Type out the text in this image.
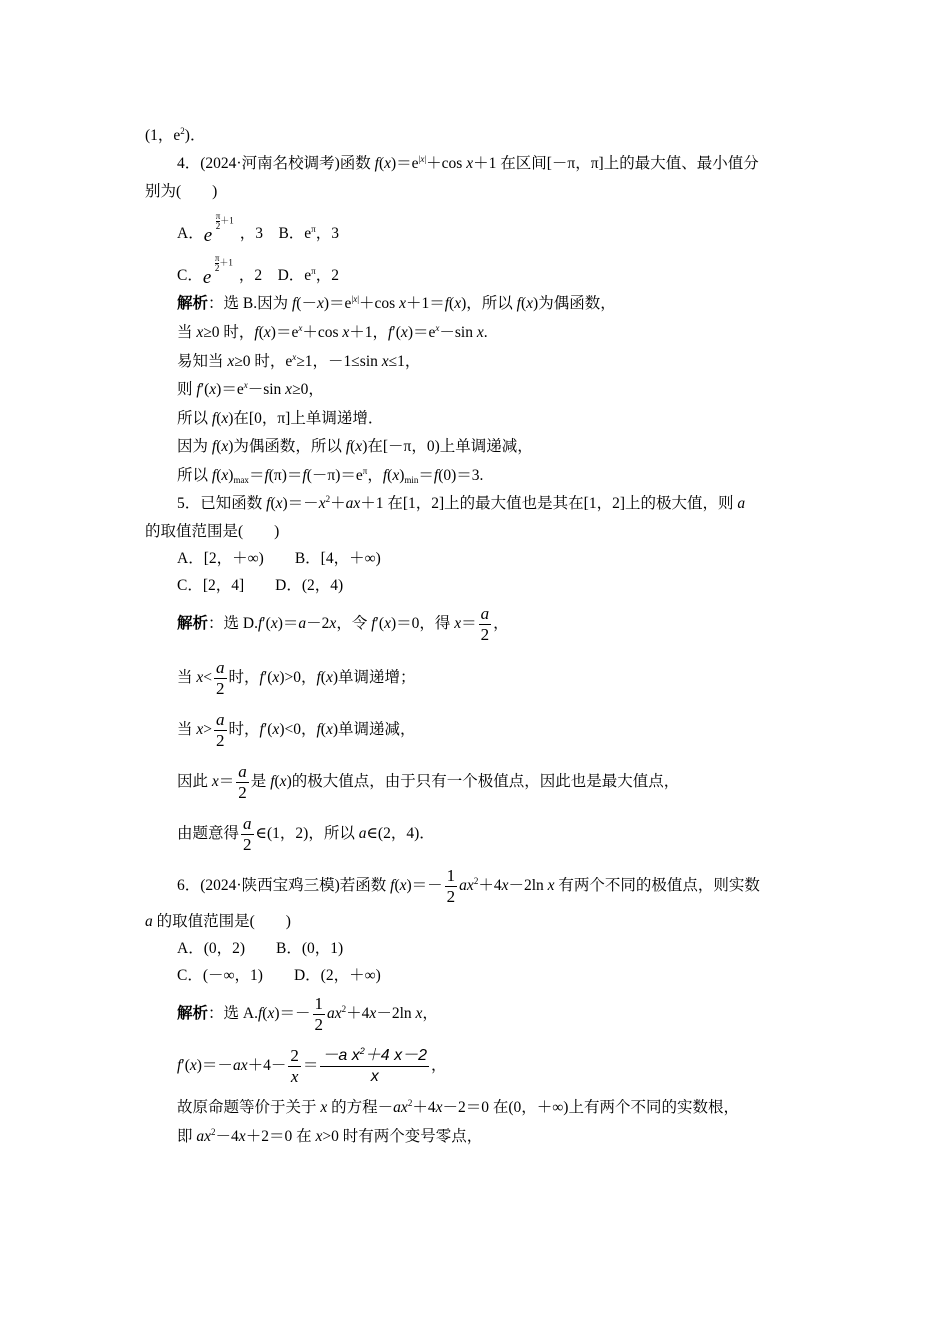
(1，$e^2$)．
4．(2024·河南名校调考)函数 $f(x)=e^{|x|}+\cos$ x＋1 在区间[－π，π]上的最大值、最小值分
别为(　　)
A． e
$\frac{\pi}{2} +1$
，3　B．$e^\pi$，3
C． e
$\frac{\pi}{2} +1$
，2　D．$e^\pi$，2
解析：选 B.因为 $f(-x)=e^{|x|}+\cos$ x＋1＝f(x)，所以 f(x)为偶函数，
当 x≥0 时，$f(x)=e^x+\cos$ x＋1，$f'(x)=e^x-\sin$ x.
易知当 x≥0 时，$e^x\ge 1$，－1≤sin x≤1，
则 $f'(x)=e^x-\sin$ x≥0，
所以 f(x)在[0，π]上单调递增．
因为 f(x)为偶函数，所以 f(x)在[－π，0)上单调递减，
所以 $f(x)_{max}=f(\pi)=f(-\pi)=e^\pi$，$f(x)_{min}=f(0)=3$.
5．已知函数 $f(x)=-x^2+ax+1$ 在[1，2]上的最大值也是其在[1，2]上的极大值，则 a
的取值范围是(　　)
A．[2，＋∞)　　B．[4，＋∞)
C．[2，4]　　D．(2，4)
解析：选 D.f′(x)＝a－2x，令 f′(x)＝0，得 $x= \frac{a}{2}$ ，
当 $x< \frac{a}{2}$ 时，f′(x)>0，f(x)单调递增；
当 $x> \frac{a}{2}$ 时，f′(x)<0，f(x)单调递减，
因此 $x= \frac{a}{2}$ 是 f(x)的极大值点，由于只有一个极值点，因此也是最大值点，
由题意得 $\frac{a}{2}$ ∈(1，2)，所以 a∈(2，4)．
6．(2024·陕西宝鸡三模)若函数 $f(x)=- \frac{1}{2} ax^2+4x-2\ln$ x 有两个不同的极值点，则实数
a 的取值范围是(　　)
A．(0，2)　　B．(0，1)
C．(－∞，1)　　D．(2，＋∞)
解析：选 $A.f(x)=- \frac{1}{2} ax^2+4x-2\ln$ x，
$f'(x)=-ax+4- \frac{2}{x} = \frac{-a x^2+4 x-2}{x}$ ，
故原命题等价于关于 x 的方程$-ax^2+4x-2=0$ 在(0，＋∞)上有两个不同的实数根，
即 $ax^2-4x+2=0$ 在 x>0 时有两个变号零点，
